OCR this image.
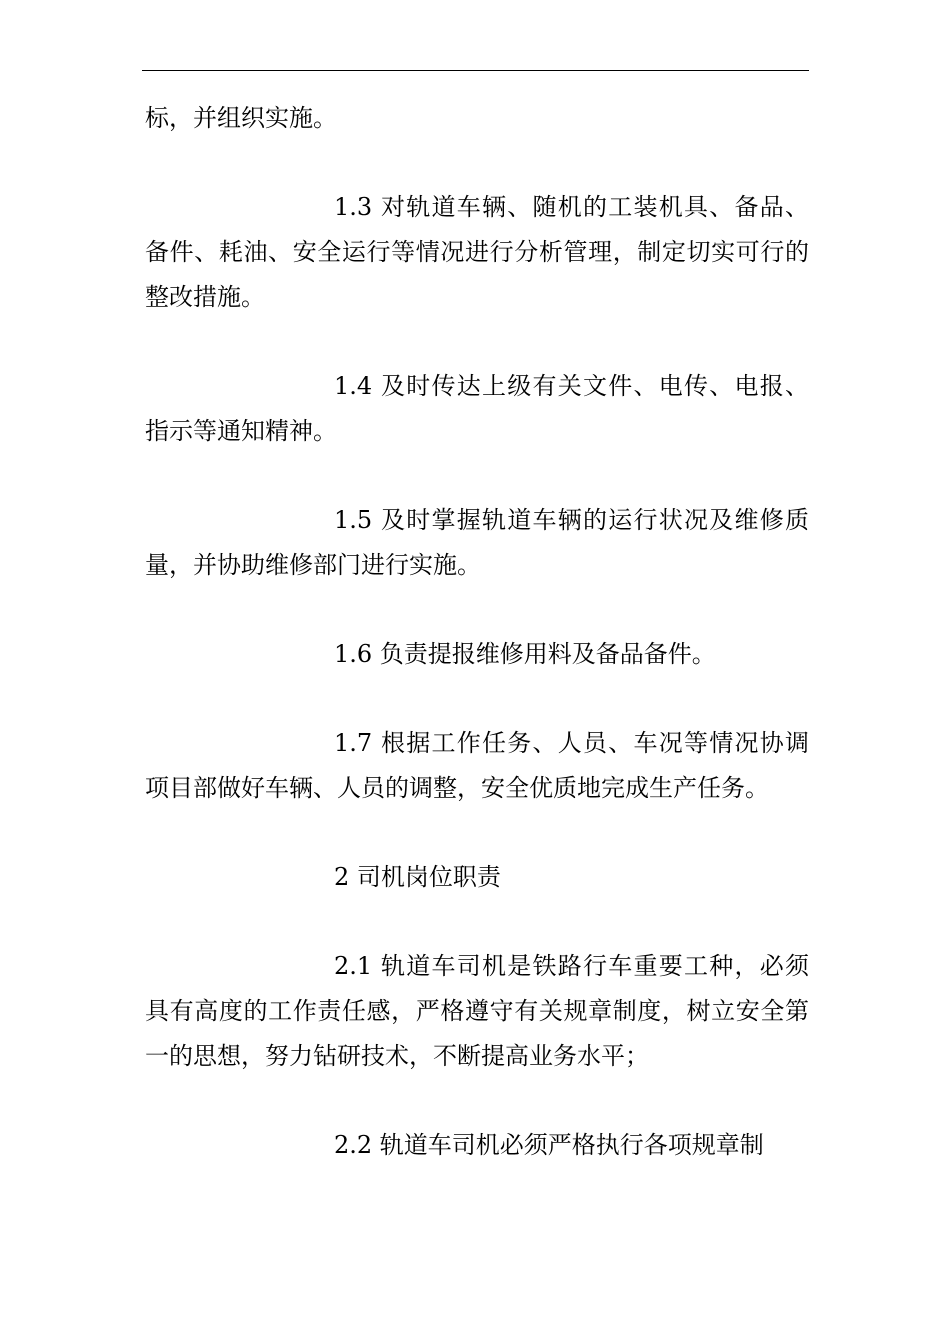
标，并组织实施。

1.3 对轨道车辆、随机的工装机具、备品、备件、耗油、安全运行等情况进行分析管理，制定切实可行的整改措施。

1.4 及时传达上级有关文件、电传、电报、指示等通知精神。

1.5 及时掌握轨道车辆的运行状况及维修质量，并协助维修部门进行实施。

1.6 负责提报维修用料及备品备件。

1.7 根据工作任务、人员、车况等情况协调项目部做好车辆、人员的调整，安全优质地完成生产任务。

2 司机岗位职责

2.1 轨道车司机是铁路行车重要工种，必须具有高度的工作责任感，严格遵守有关规章制度，树立安全第一的思想，努力钻研技术，不断提高业务水平；

2.2 轨道车司机必须严格执行各项规章制
